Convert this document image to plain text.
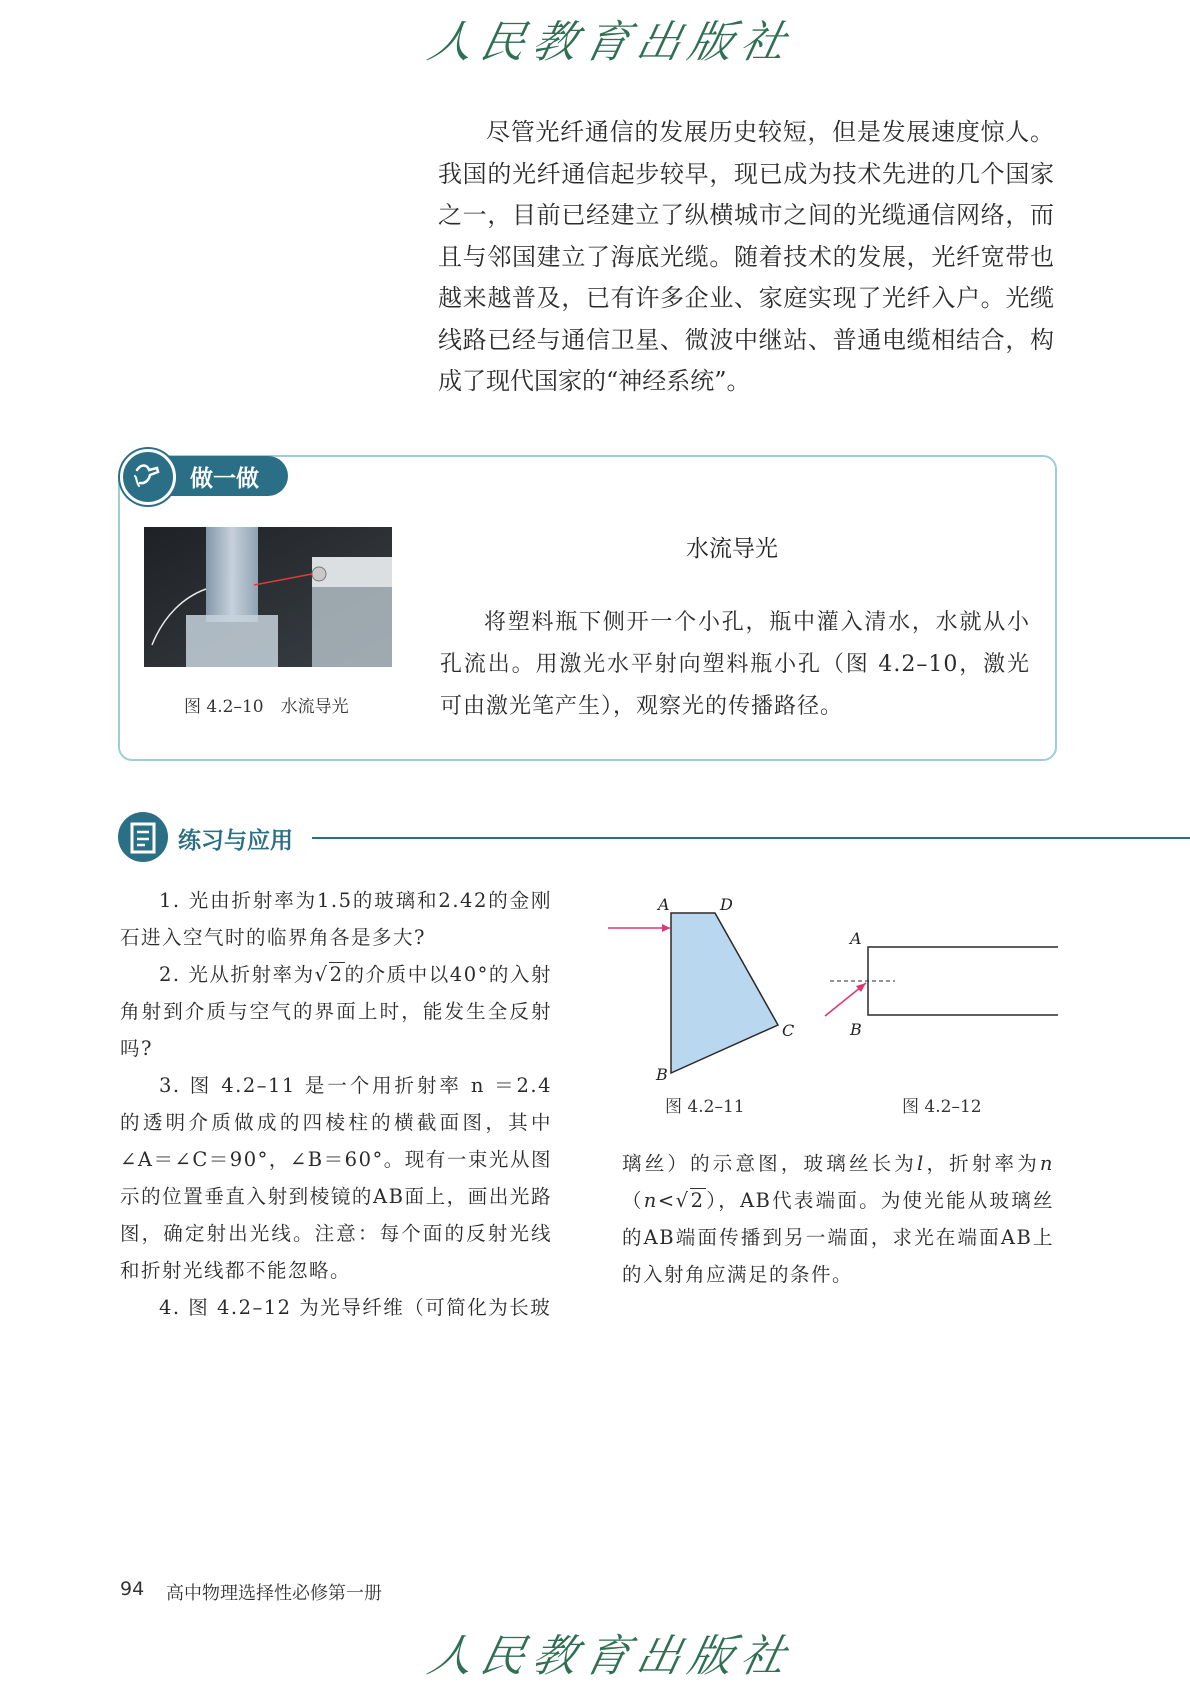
人民教育出版社

尽管光纤通信的发展历史较短，但是发展速度惊人。我国的光纤通信起步较早，现已成为技术先进的几个国家之一，目前已经建立了纵横城市之间的光缆通信网络，而且与邻国建立了海底光缆。随着技术的发展，光纤宽带也越来越普及，已有许多企业、家庭实现了光纤入户。光缆线路已经与通信卫星、微波中继站、普通电缆相结合，构成了现代国家的“神经系统”。

做一做
图 4.2–10　水流导光
水流导光

将塑料瓶下侧开一个小孔，瓶中灌入清水，水就从小孔流出。用激光水平射向塑料瓶小孔（图 4.2–10，激光可由激光笔产生），观察光的传播路径。

练习与应用

1. 光由折射率为1.5的玻璃和2.42的金刚石进入空气时的临界角各是多大?

2. 光从折射率为√2的介质中以40°的入射角射到介质与空气的界面上时，能发生全反射吗?

3. 图 4.2–11 是一个用折射率 n ＝2.4 的透明介质做成的四棱柱的横截面图，其中∠A＝∠C＝90°，∠B＝60°。现有一束光从图示的位置垂直入射到棱镜的AB面上，画出光路图，确定射出光线。注意：每个面的反射光线和折射光线都不能忽略。

4. 图 4.2–12 为光导纤维（可简化为长玻

A	D
C
B
A
B
图 4.2–11	图 4.2–12

璃丝）的示意图，玻璃丝长为l，折射率为n（n<√2），AB代表端面。为使光能从玻璃丝的AB端面传播到另一端面，求光在端面AB上的入射角应满足的条件。

94 高中物理选择性必修第一册
人民教育出版社
